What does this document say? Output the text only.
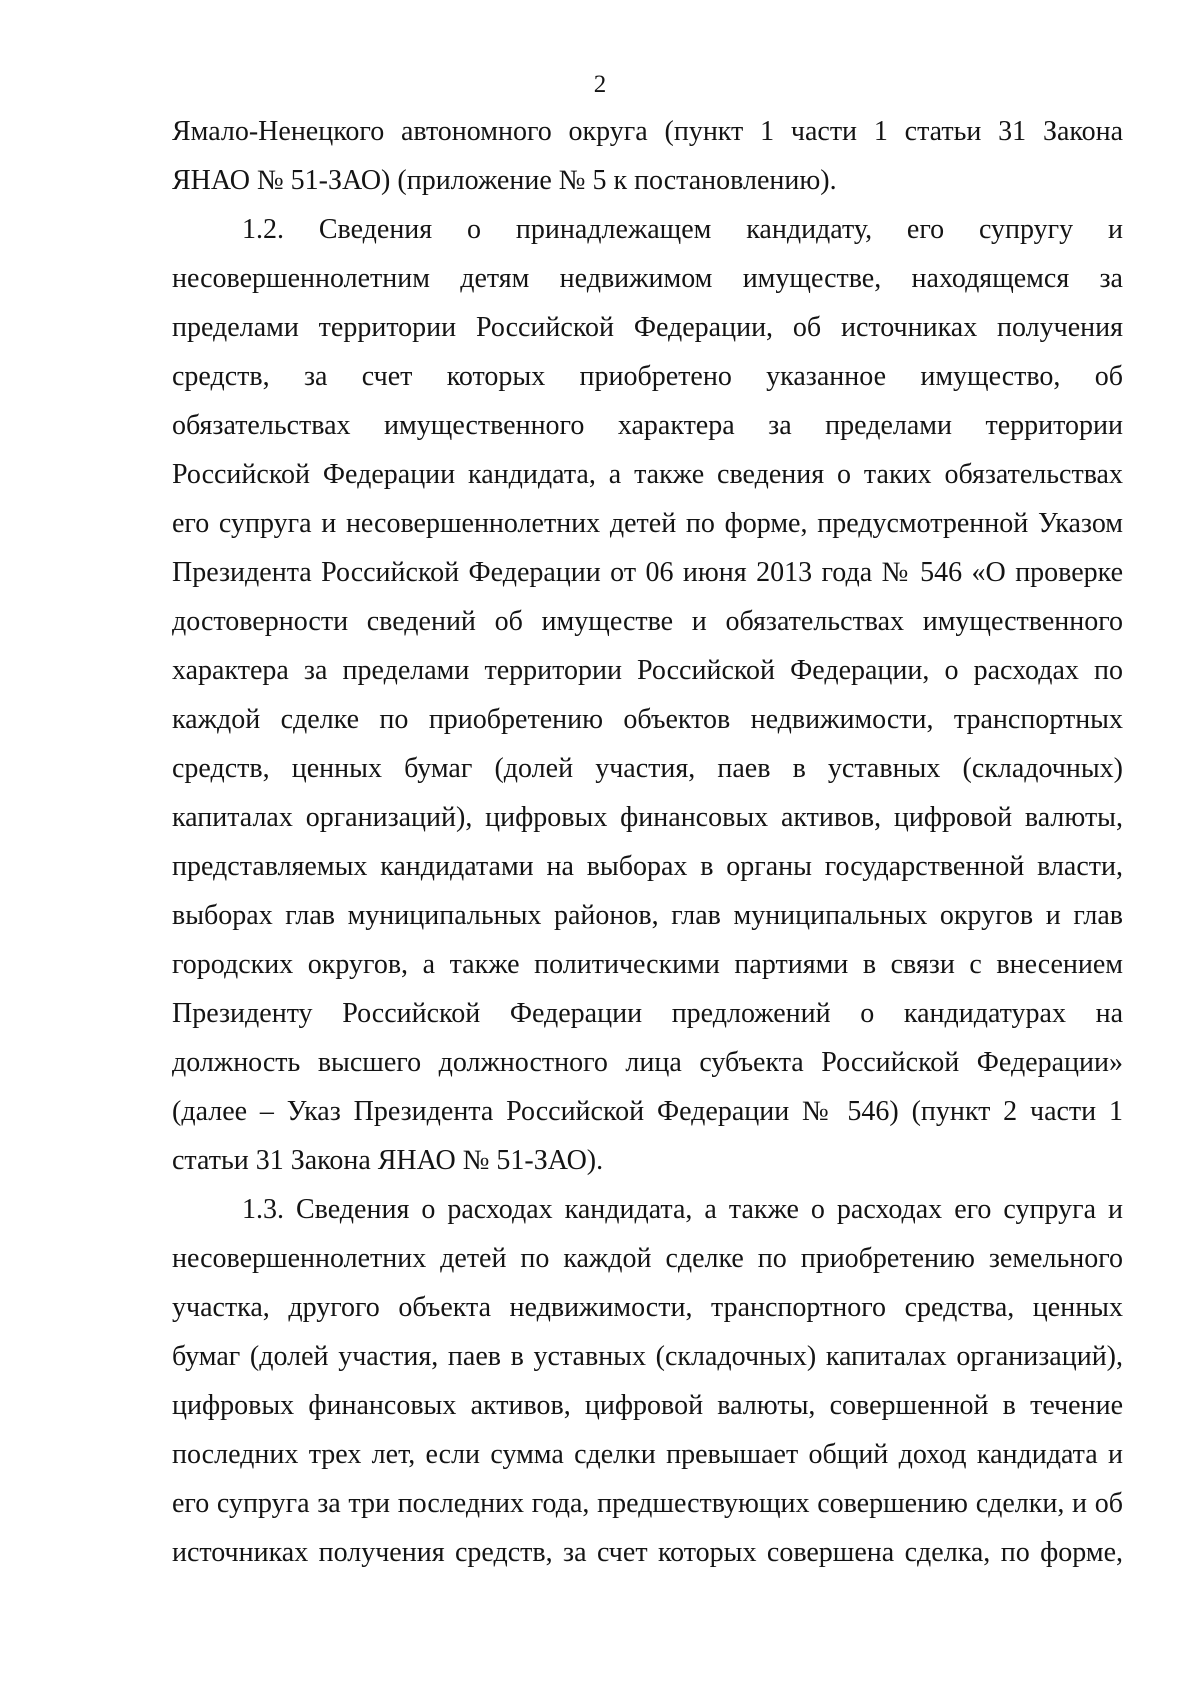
2
Ямало-Ненецкого автономного округа (пункт 1 части 1 статьи 31 Закона
ЯНАО № 51-ЗАО) (приложение № 5 к постановлению).
1.2. Сведения о принадлежащем кандидату, его супругу и
несовершеннолетним детям недвижимом имуществе, находящемся за
пределами территории Российской Федерации, об источниках получения
средств, за счет которых приобретено указанное имущество, об
обязательствах имущественного характера за пределами территории
Российской Федерации кандидата, а также сведения о таких обязательствах
его супруга и несовершеннолетних детей по форме, предусмотренной Указом
Президента Российской Федерации от 06 июня 2013 года № 546 «О проверке
достоверности сведений об имуществе и обязательствах имущественного
характера за пределами территории Российской Федерации, о расходах по
каждой сделке по приобретению объектов недвижимости, транспортных
средств, ценных бумаг (долей участия, паев в уставных (складочных)
капиталах организаций), цифровых финансовых активов, цифровой валюты,
представляемых кандидатами на выборах в органы государственной власти,
выборах глав муниципальных районов, глав муниципальных округов и глав
городских округов, а также политическими партиями в связи с внесением
Президенту Российской Федерации предложений о кандидатурах на
должность высшего должностного лица субъекта Российской Федерации»
(далее – Указ Президента Российской Федерации № 546) (пункт 2 части 1
статьи 31 Закона ЯНАО № 51-ЗАО).
1.3. Сведения о расходах кандидата, а также о расходах его супруга и
несовершеннолетних детей по каждой сделке по приобретению земельного
участка, другого объекта недвижимости, транспортного средства, ценных
бумаг (долей участия, паев в уставных (складочных) капиталах организаций),
цифровых финансовых активов, цифровой валюты, совершенной в течение
последних трех лет, если сумма сделки превышает общий доход кандидата и
его супруга за три последних года, предшествующих совершению сделки, и об
источниках получения средств, за счет которых совершена сделка, по форме,
